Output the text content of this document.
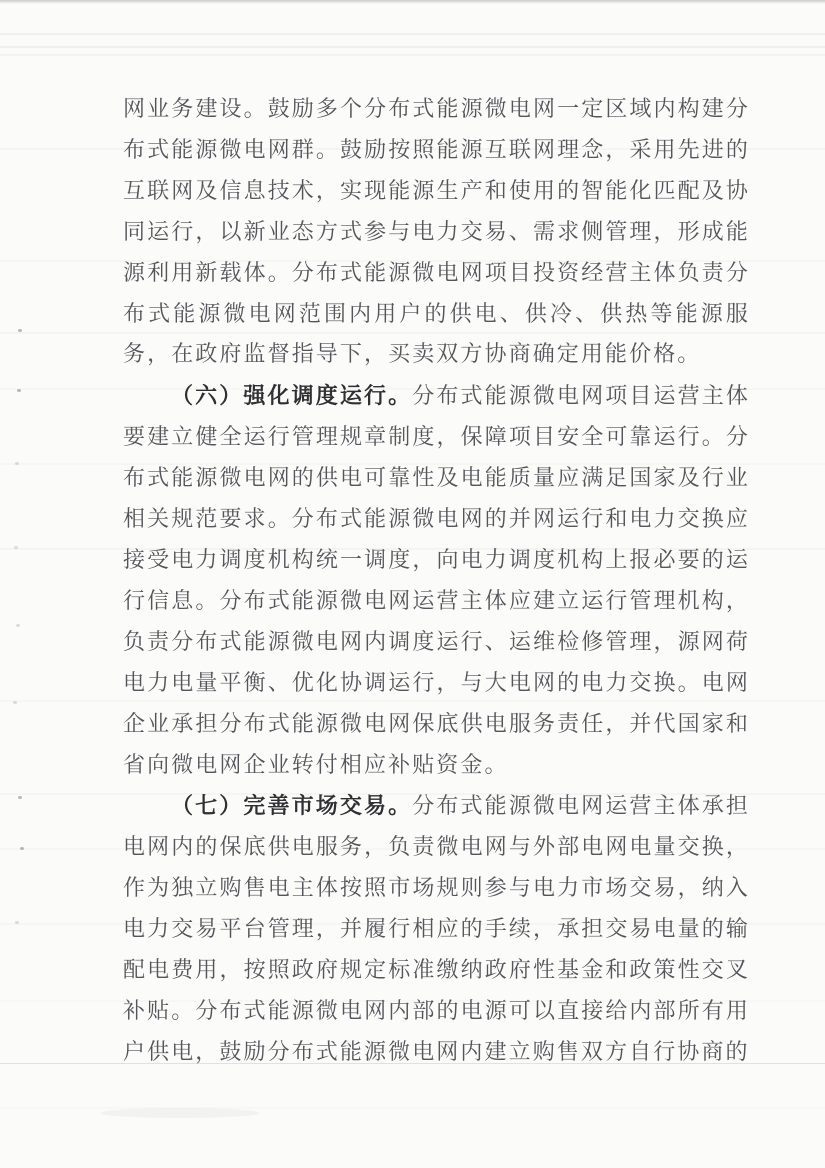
网业务建设。鼓励多个分布式能源微电网一定区域内构建分布式能源微电网群。鼓励按照能源互联网理念，采用先进的互联网及信息技术，实现能源生产和使用的智能化匹配及协同运行，以新业态方式参与电力交易、需求侧管理，形成能源利用新载体。分布式能源微电网项目投资经营主体负责分布式能源微电网范围内用户的供电、供冷、供热等能源服务，在政府监督指导下，买卖双方协商确定用能价格。

（六）强化调度运行。分布式能源微电网项目运营主体要建立健全运行管理规章制度，保障项目安全可靠运行。分布式能源微电网的供电可靠性及电能质量应满足国家及行业相关规范要求。分布式能源微电网的并网运行和电力交换应接受电力调度机构统一调度，向电力调度机构上报必要的运行信息。分布式能源微电网运营主体应建立运行管理机构，负责分布式能源微电网内调度运行、运维检修管理，源网荷电力电量平衡、优化协调运行，与大电网的电力交换。电网企业承担分布式能源微电网保底供电服务责任，并代国家和省向微电网企业转付相应补贴资金。

（七）完善市场交易。分布式能源微电网运营主体承担电网内的保底供电服务，负责微电网与外部电网电量交换，作为独立购售电主体按照市场规则参与电力市场交易，纳入电力交易平台管理，并履行相应的手续，承担交易电量的输配电费用，按照政府规定标准缴纳政府性基金和政策性交叉补贴。分布式能源微电网内部的电源可以直接给内部所有用户供电，鼓励分布式能源微电网内建立购售双方自行协商的
